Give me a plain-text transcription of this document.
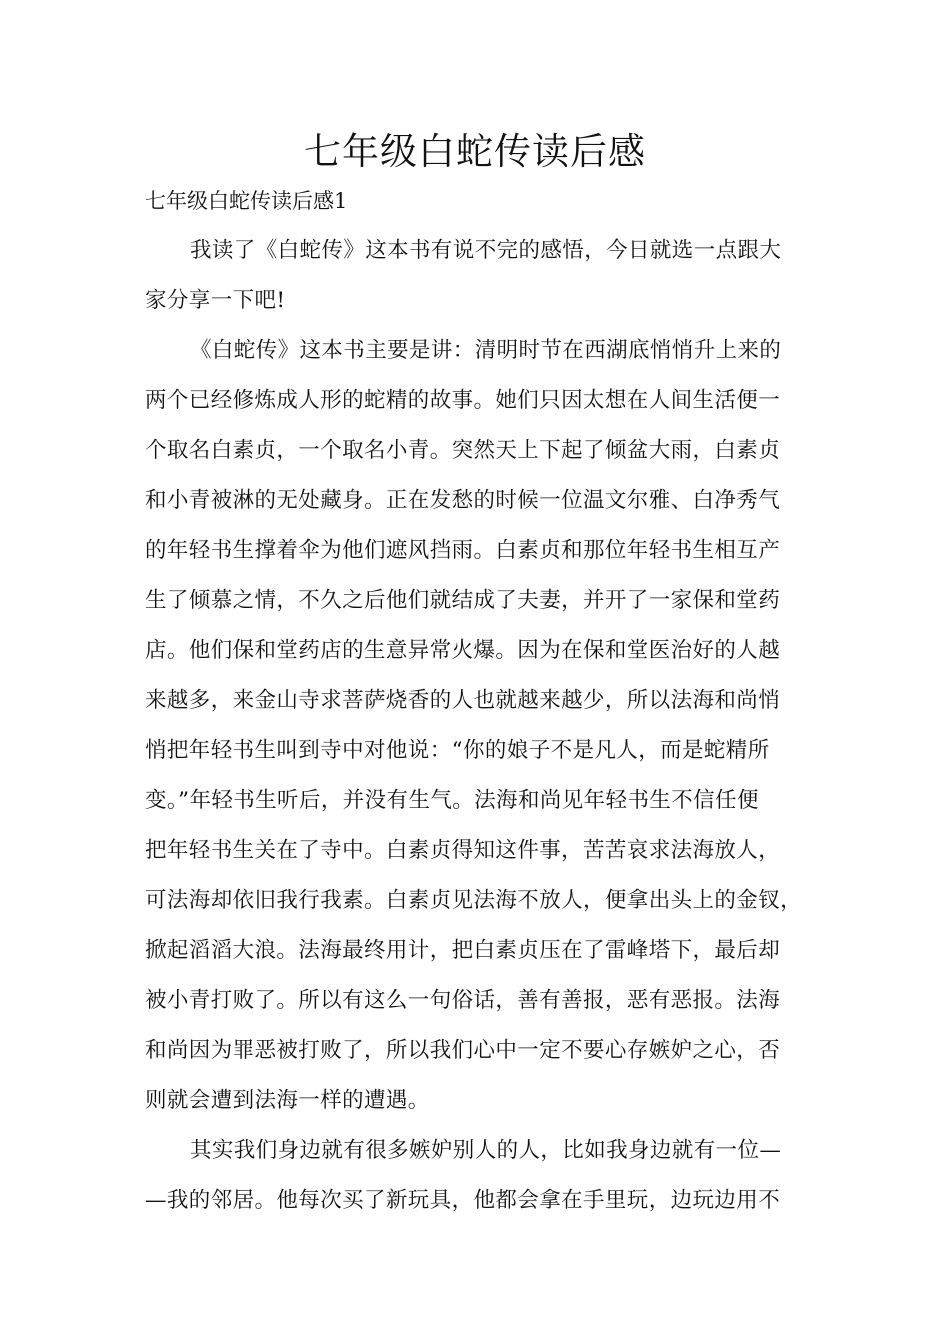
七年级白蛇传读后感
七年级白蛇传读后感1
我读了《白蛇传》这本书有说不完的感悟，今日就选一点跟大
家分享一下吧!
《白蛇传》这本书主要是讲：清明时节在西湖底悄悄升上来的
两个已经修炼成人形的蛇精的故事。她们只因太想在人间生活便一
个取名白素贞，一个取名小青。突然天上下起了倾盆大雨，白素贞
和小青被淋的无处藏身。正在发愁的时候一位温文尔雅、白净秀气
的年轻书生撑着伞为他们遮风挡雨。白素贞和那位年轻书生相互产
生了倾慕之情，不久之后他们就结成了夫妻，并开了一家保和堂药
店。他们保和堂药店的生意异常火爆。因为在保和堂医治好的人越
来越多，来金山寺求菩萨烧香的人也就越来越少，所以法海和尚悄
悄把年轻书生叫到寺中对他说：“你的娘子不是凡人，而是蛇精所
变。”年轻书生听后，并没有生气。法海和尚见年轻书生不信任便
把年轻书生关在了寺中。白素贞得知这件事，苦苦哀求法海放人，
可法海却依旧我行我素。白素贞见法海不放人，便拿出头上的金钗，
掀起滔滔大浪。法海最终用计，把白素贞压在了雷峰塔下，最后却
被小青打败了。所以有这么一句俗话，善有善报，恶有恶报。法海
和尚因为罪恶被打败了，所以我们心中一定不要心存嫉妒之心，否
则就会遭到法海一样的遭遇。
其实我们身边就有很多嫉妒别人的人，比如我身边就有一位—
—我的邻居。他每次买了新玩具，他都会拿在手里玩，边玩边用不
